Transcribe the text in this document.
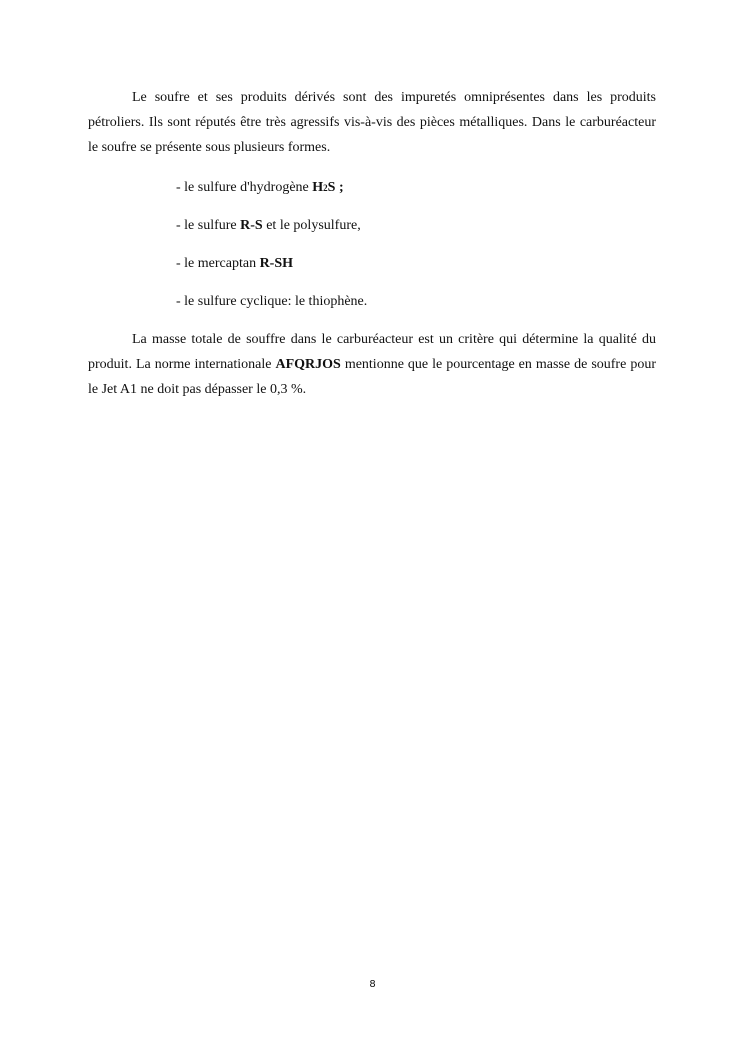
Le soufre et ses produits dérivés sont des impuretés omniprésentes dans les produits pétroliers. Ils sont réputés être très agressifs vis-à-vis des pièces métalliques. Dans le carburéacteur le soufre se présente sous plusieurs formes.

- le sulfure d'hydrogène H2S ;

- le sulfure R-S et le polysulfure,

- le mercaptan R-SH

- le sulfure cyclique: le thiophène.

La masse totale de souffre dans le carburéacteur est un critère qui détermine la qualité du produit. La norme internationale AFQRJOS mentionne que le pourcentage en masse de soufre pour le Jet A1 ne doit pas dépasser le 0,3 %.

8
